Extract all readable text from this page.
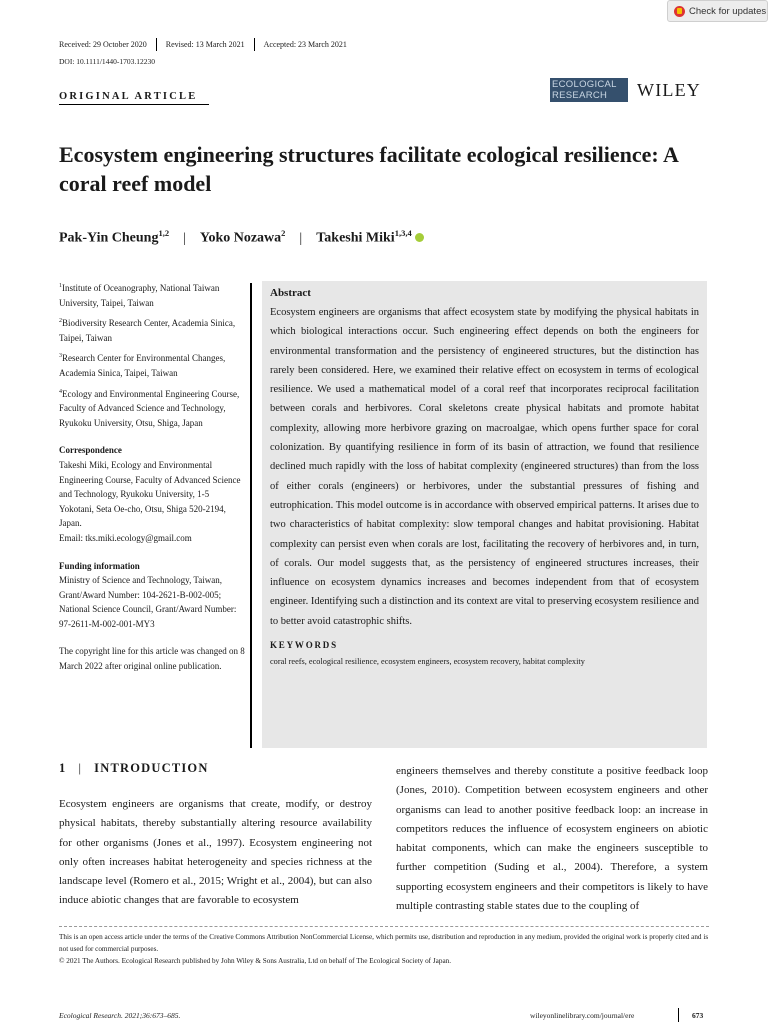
Check for updates
Received: 29 October 2020 Revised: 13 March 2021 Accepted: 23 March 2021
DOI: 10.1111/1440-1703.12230
ORIGINAL ARTICLE
ECOLOGICAL
RESEARCH	WILEY
Ecosystem engineering structures facilitate ecological resilience: A coral reef model
Pak-Yin Cheung$^{1,2}$ | Yoko Nozawa$^2$ | Takeshi Miki$^{1,3,4}$

$^1$Institute of Oceanography, National Taiwan University, Taipei, Taiwan

$^2$Biodiversity Research Center, Academia Sinica, Taipei, Taiwan

$^3$Research Center for Environmental Changes, Academia Sinica, Taipei, Taiwan

$^4$Ecology and Environmental Engineering Course, Faculty of Advanced Science and Technology, Ryukoku University, Otsu, Shiga, Japan

Correspondence

Takeshi Miki, Ecology and Environmental Engineering Course, Faculty of Advanced Science and Technology, Ryukoku University, 1-5 Yokotani, Seta Oe-cho, Otsu, Shiga 520-2194, Japan.

Email: tks.miki.ecology@gmail.com

Funding information

Ministry of Science and Technology, Taiwan, Grant/Award Number: 104-2621-B-002-005; National Science Council, Grant/Award Number: 97-2611-M-002-001-MY3

The copyright line for this article was changed on 8 March 2022 after original online publication.

Abstract
Ecosystem engineers are organisms that affect ecosystem state by modifying the physical habitats in which biological interactions occur. Such engineering effect depends on both the engineers for environmental transformation and the persistency of engineered structures, but the distinction has rarely been considered. Here, we examined their relative effect on ecosystem in terms of ecological resilience. We used a mathematical model of a coral reef that incorporates reciprocal facilitation between corals and herbivores. Coral skeletons create physical habitats and promote habitat complexity, allowing more herbivore grazing on macroalgae, which opens further space for coral colonization. By quantifying resilience in form of its basin of attraction, we found that resilience declined much rapidly with the loss of habitat complexity (engineered structures) than from the loss of either corals (engineers) or herbivores, under the substantial pressures of fishing and eutrophication. This model outcome is in accordance with observed empirical patterns. It arises due to two characteristics of habitat complexity: slow temporal changes and habitat provisioning. Habitat complexity can persist even when corals are lost, facilitating the recovery of herbivores and, in turn, of corals. Our model suggests that, as the persistency of engineered structures increases, their influence on ecosystem dynamics increases and becomes independent from that of ecosystem engineer. Identifying such a distinction and its context are vital to preserving ecosystem resilience and to better avoid catastrophic shifts.
KEYWORDS
coral reefs, ecological resilience, ecosystem engineers, ecosystem recovery, habitat complexity
1 | INTRODUCTION
Ecosystem engineers are organisms that create, modify, or destroy physical habitats, thereby substantially altering resource availability for other organisms (Jones et al., 1997). Ecosystem engineering not only often increases habitat heterogeneity and species richness at the landscape level (Romero et al., 2015; Wright et al., 2004), but can also induce abiotic changes that are favorable to ecosystem
engineers themselves and thereby constitute a positive feedback loop (Jones, 2010). Competition between ecosystem engineers and other organisms can lead to another positive feedback loop: an increase in competitors reduces the influence of ecosystem engineers on abiotic habitat components, which can make the engineers susceptible to further competition (Suding et al., 2004). Therefore, a system supporting ecosystem engineers and their competitors is likely to have multiple contrasting stable states due to the coupling of

This is an open access article under the terms of the Creative Commons Attribution NonCommercial License, which permits use, distribution and reproduction in any medium, provided the original work is properly cited and is not used for commercial purposes.

© 2021 The Authors. Ecological Research published by John Wiley & Sons Australia, Ltd on behalf of The Ecological Society of Japan.

Ecological Research. 2021;36:673–685.	wileyonlinelibrary.com/journal/ere	673
